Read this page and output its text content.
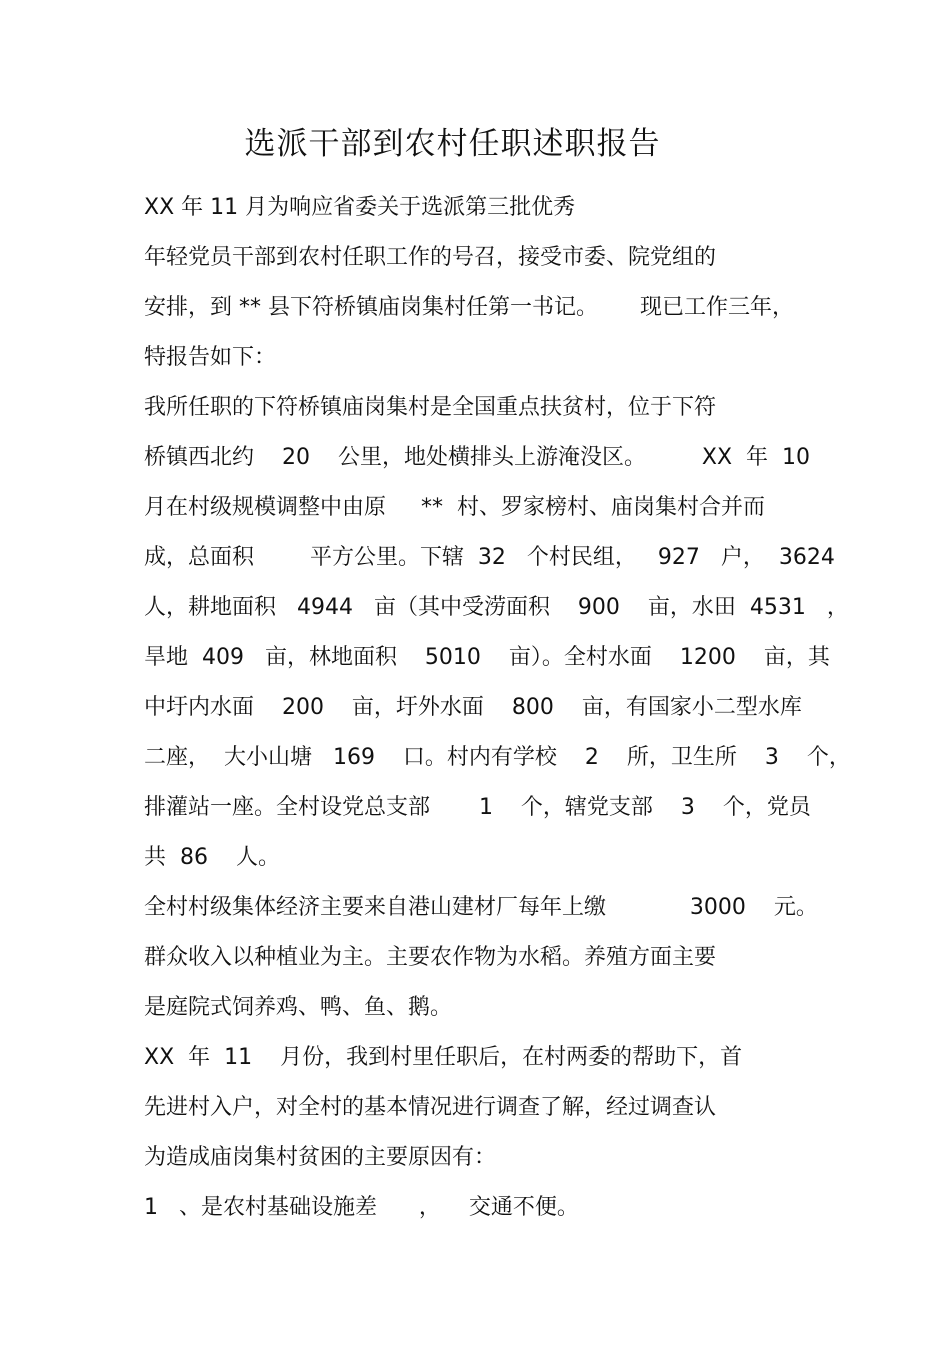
选派干部到农村任职述职报告
XX 年 11 月为响应省委关于选派第三批优秀
年轻党员干部到农村任职工作的号召，接受市委、院党组的
安排，到 ** 县下符桥镇庙岗集村任第一书记。      现已工作三年，
特报告如下：
我所任职的下符桥镇庙岗集村是全国重点扶贫村，位于下符
桥镇西北约    20    公里，地处横排头上游淹没区。        XX  年  10
月在村级规模调整中由原     **  村、罗家榜村、庙岗集村合并而
成，总面积        平方公里。下辖  32   个村民组，   927   户，  3624
人，耕地面积   4944   亩（其中受涝面积    900    亩，水田  4531   ，
旱地  409   亩，林地面积    5010    亩）。全村水面    1200    亩，其
中圩内水面    200    亩，圩外水面    800    亩，有国家小二型水库
二座，  大小山塘   169    口。村内有学校    2    所，卫生所    3    个，
排灌站一座。全村设党总支部       1    个，辖党支部    3    个，党员
共  86    人。
全村村级集体经济主要来自港山建材厂每年上缴            3000    元。
群众收入以种植业为主。主要农作物为水稻。养殖方面主要
是庭院式饲养鸡、鸭、鱼、鹅。
XX  年  11    月份，我到村里任职后，在村两委的帮助下，首
先进村入户，对全村的基本情况进行调查了解，经过调查认
为造成庙岗集村贫困的主要原因有：
1   、是农村基础设施差      ，    交通不便。
